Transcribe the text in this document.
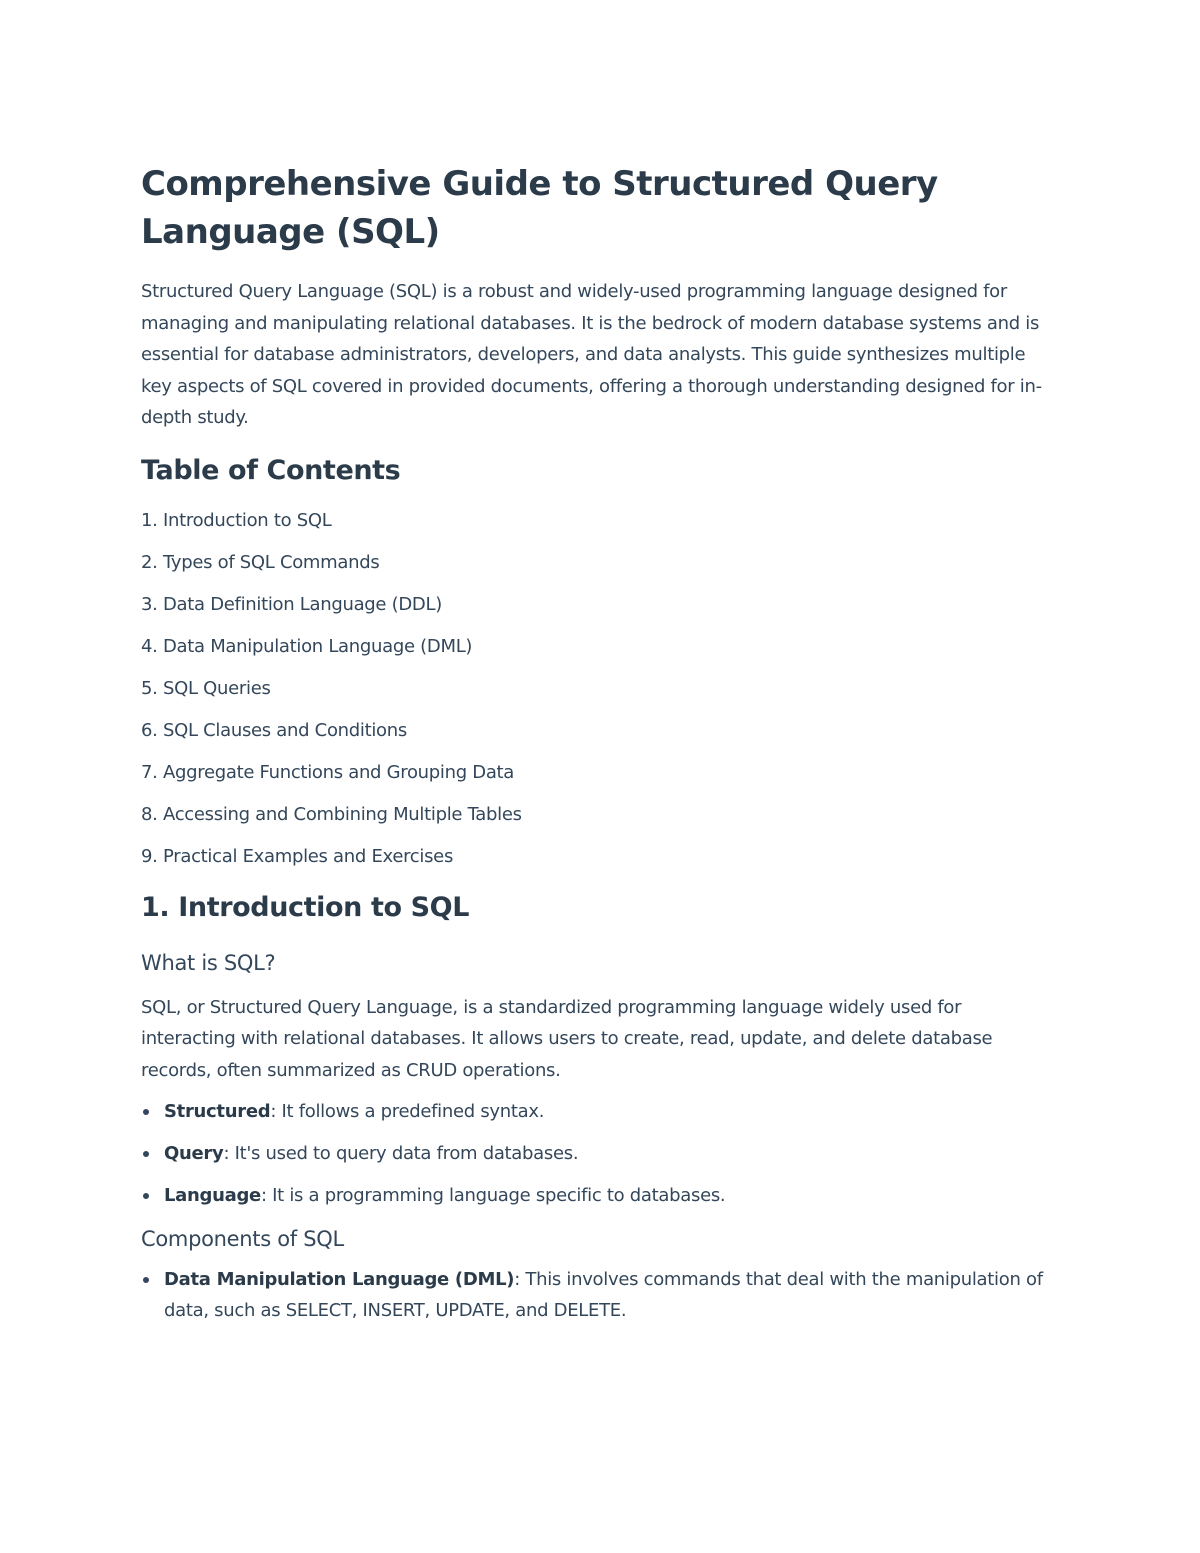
Comprehensive Guide to Structured Query Language (SQL)

Structured Query Language (SQL) is a robust and widely-used programming language designed for managing and manipulating relational databases. It is the bedrock of modern database systems and is essential for database administrators, developers, and data analysts. This guide synthesizes multiple key aspects of SQL covered in provided documents, offering a thorough understanding designed for in-depth study.

Table of Contents
1. Introduction to SQL
2. Types of SQL Commands
3. Data Definition Language (DDL)
4. Data Manipulation Language (DML)
5. SQL Queries
6. SQL Clauses and Conditions
7. Aggregate Functions and Grouping Data
8. Accessing and Combining Multiple Tables
9. Practical Examples and Exercises
1. Introduction to SQL
What is SQL?

SQL, or Structured Query Language, is a standardized programming language widely used for interacting with relational databases. It allows users to create, read, update, and delete database records, often summarized as CRUD operations.

Structured: It follows a predefined syntax.
Query: It's used to query data from databases.
Language: It is a programming language specific to databases.
Components of SQL
Data Manipulation Language (DML): This involves commands that deal with the manipulation of data, such as SELECT, INSERT, UPDATE, and DELETE.
